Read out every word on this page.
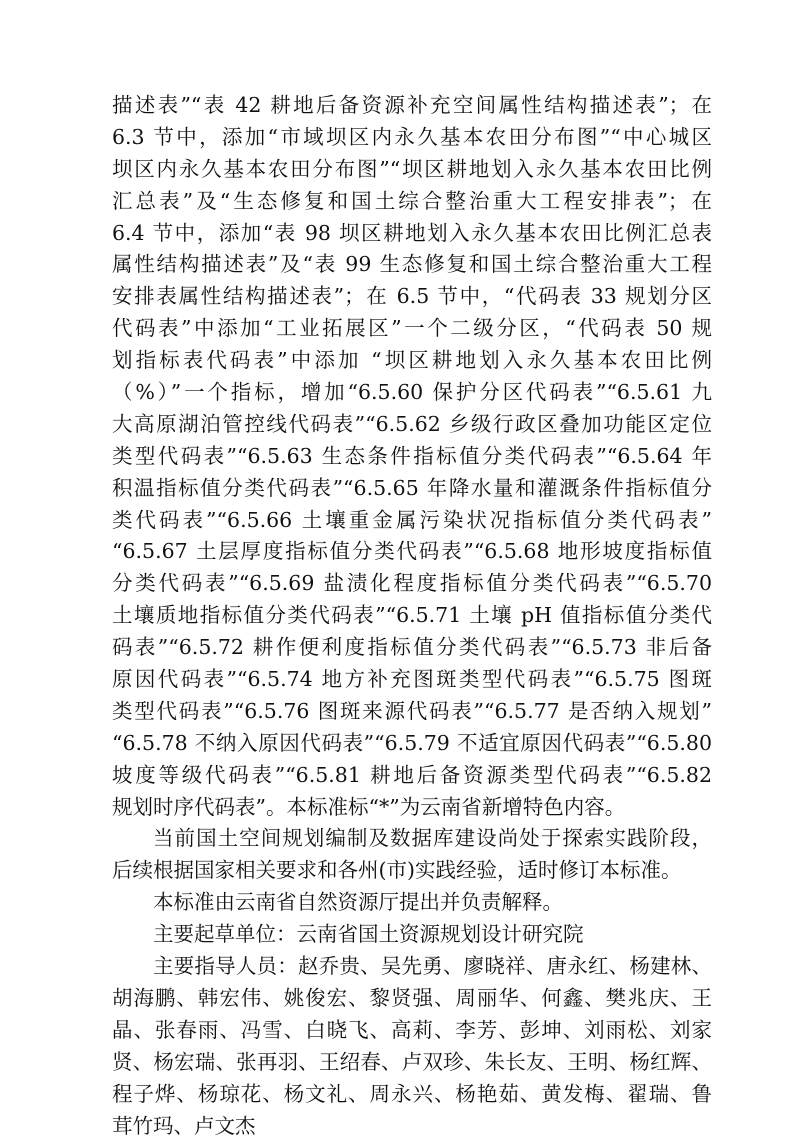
描述表”“表 42 耕地后备资源补充空间属性结构描述表”；在
6.3 节中，添加“市域坝区内永久基本农田分布图”“中心城区
坝区内永久基本农田分布图”“坝区耕地划入永久基本农田比例
汇总表”及“生态修复和国土综合整治重大工程安排表”；在
6.4 节中，添加“表 98 坝区耕地划入永久基本农田比例汇总表
属性结构描述表”及“表 99 生态修复和国土综合整治重大工程
安排表属性结构描述表”；在 6.5 节中，“代码表 33 规划分区
代码表”中添加“工业拓展区”一个二级分区，“代码表 50 规
划指标表代码表”中添加 “坝区耕地划入永久基本农田比例
（%）”一个指标，增加“6.5.60 保护分区代码表”“6.5.61 九
大高原湖泊管控线代码表”“6.5.62 乡级行政区叠加功能区定位
类型代码表”“6.5.63 生态条件指标值分类代码表”“6.5.64 年
积温指标值分类代码表”“6.5.65 年降水量和灌溉条件指标值分
类代码表”“6.5.66 土壤重金属污染状况指标值分类代码表”
“6.5.67 土层厚度指标值分类代码表”“6.5.68 地形坡度指标值
分类代码表”“6.5.69 盐渍化程度指标值分类代码表”“6.5.70
土壤质地指标值分类代码表”“6.5.71 土壤 pH 值指标值分类代
码表”“6.5.72 耕作便利度指标值分类代码表”“6.5.73 非后备
原因代码表”“6.5.74 地方补充图斑类型代码表”“6.5.75 图斑
类型代码表”“6.5.76 图斑来源代码表”“6.5.77 是否纳入规划”
“6.5.78 不纳入原因代码表”“6.5.79 不适宜原因代码表”“6.5.80
坡度等级代码表”“6.5.81 耕地后备资源类型代码表”“6.5.82
规划时序代码表”。本标准标“*”为云南省新增特色内容。
当前国土空间规划编制及数据库建设尚处于探索实践阶段，
后续根据国家相关要求和各州(市)实践经验，适时修订本标准。
本标准由云南省自然资源厅提出并负责解释。
主要起草单位：云南省国土资源规划设计研究院
主要指导人员：赵乔贵、吴先勇、廖晓祥、唐永红、杨建林、
胡海鹏、韩宏伟、姚俊宏、黎贤强、周丽华、何鑫、樊兆庆、王
晶、张春雨、冯雪、白晓飞、高莉、李芳、彭坤、刘雨松、刘家
贤、杨宏瑞、张再羽、王绍春、卢双珍、朱长友、王明、杨红辉、
程子烨、杨琼花、杨文礼、周永兴、杨艳茹、黄发梅、翟瑞、鲁
茸竹玛、卢文杰
